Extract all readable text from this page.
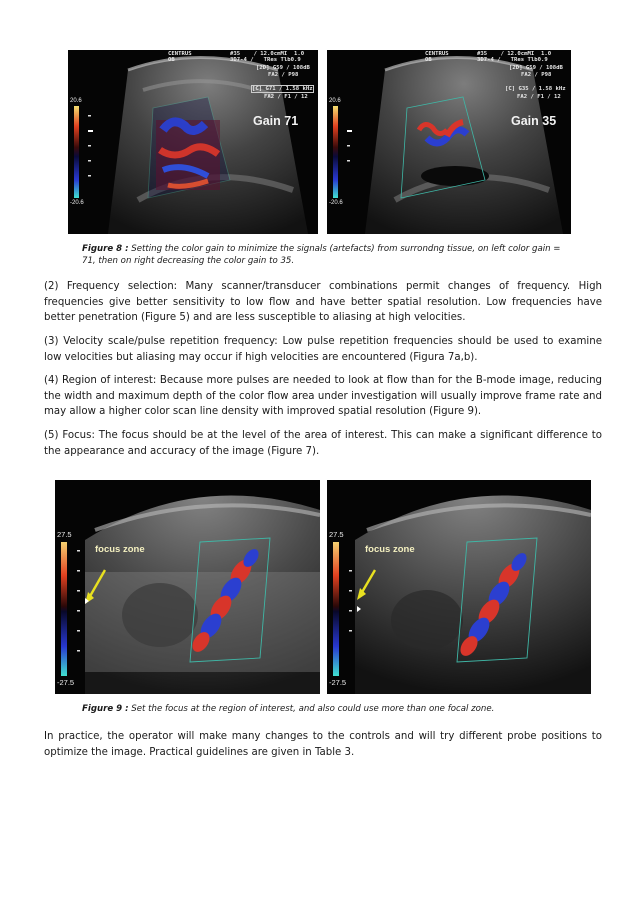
CENTRUS
OB
#35    / 12.0cmMI  1.0
3D7-4 /   TRes Tlb0.9
[2D] G59 / 108dB
FA2 / P98
[C] G71 / 1.58 kHz
FA2 / F1 / 12
Gain 71
20.6
-20.6
CENTRUS
OB
#35    / 12.0cmMI  1.0
3D7-4 /   TRes Tlb0.9
[2D] G59 / 108dB
FA2 / P98
[C] G35 / 1.58 kHz
FA2 / F1 / 12
Gain 35
20.6
-20.6
Figure 8 : Setting the color gain to minimize the signals (artefacts) from surrondng tissue, on left color gain = 71, then on right decreasing the color gain to 35.
(2) Frequency selection: Many scanner/transducer combinations permit changes of frequency. High frequencies give better sensitivity to low flow and have better spatial resolution. Low frequencies have better penetration (Figure 5) and are less susceptible to aliasing at high velocities.
(3) Velocity scale/pulse repetition frequency: Low pulse repetition frequencies should be used to examine low velocities but aliasing may occur if high velocities are encountered (Figura 7a,b).
(4) Region of interest: Because more pulses are needed to look at flow than for the B-mode image, reducing the width and maximum depth of the color flow area under investigation will usually improve frame rate and may allow a higher color scan line density with improved spatial resolution (Figure 9).
(5) Focus: The focus should be at the level of the area of interest. This can make a significant difference to the appearance and accuracy of the image (Figure 7).
27.5
-27.5
focus zone
27.5
-27.5
focus zone
Figure 9 : Set the focus at the region of interest, and also could use more than one focal zone.
In practice, the operator will make many changes to the controls and will try different probe positions to optimize the image. Practical guidelines are given in Table 3.
